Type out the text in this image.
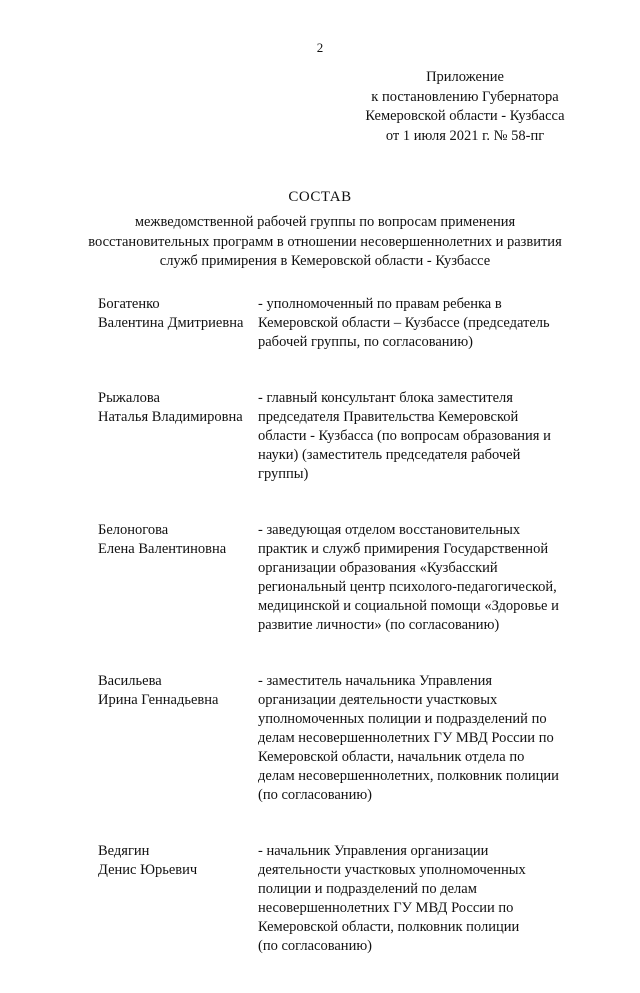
2
Приложение
к постановлению Губернатора
Кемеровской области - Кузбасса
от 1 июля 2021 г. № 58-пг
СОСТАВ
межведомственной рабочей группы по вопросам применения
восстановительных программ в отношении несовершеннолетних и развития
служб примирения в Кемеровской области - Кузбассе
Богатенко
Валентина Дмитриевна
- уполномоченный по правам ребенка в
Кемеровской области – Кузбассе (председатель
рабочей группы, по согласованию)
Рыжалова
Наталья Владимировна
- главный консультант блока заместителя
председателя Правительства Кемеровской
области - Кузбасса (по вопросам образования и
науки) (заместитель председателя рабочей
группы)
Белоногова
Елена Валентиновна
- заведующая отделом восстановительных
практик и служб примирения Государственной
организации образования «Кузбасский
региональный центр психолого-педагогической,
медицинской и социальной помощи «Здоровье и
развитие личности» (по согласованию)
Васильева
Ирина Геннадьевна
- заместитель начальника Управления
организации деятельности участковых
уполномоченных полиции и подразделений по
делам несовершеннолетних ГУ МВД России по
Кемеровской области, начальник отдела по
делам несовершеннолетних, полковник полиции
(по согласованию)
Ведягин
Денис Юрьевич
- начальник Управления организации
деятельности участковых уполномоченных
полиции и подразделений по делам
несовершеннолетних ГУ МВД России по
Кемеровской области, полковник полиции
(по согласованию)
